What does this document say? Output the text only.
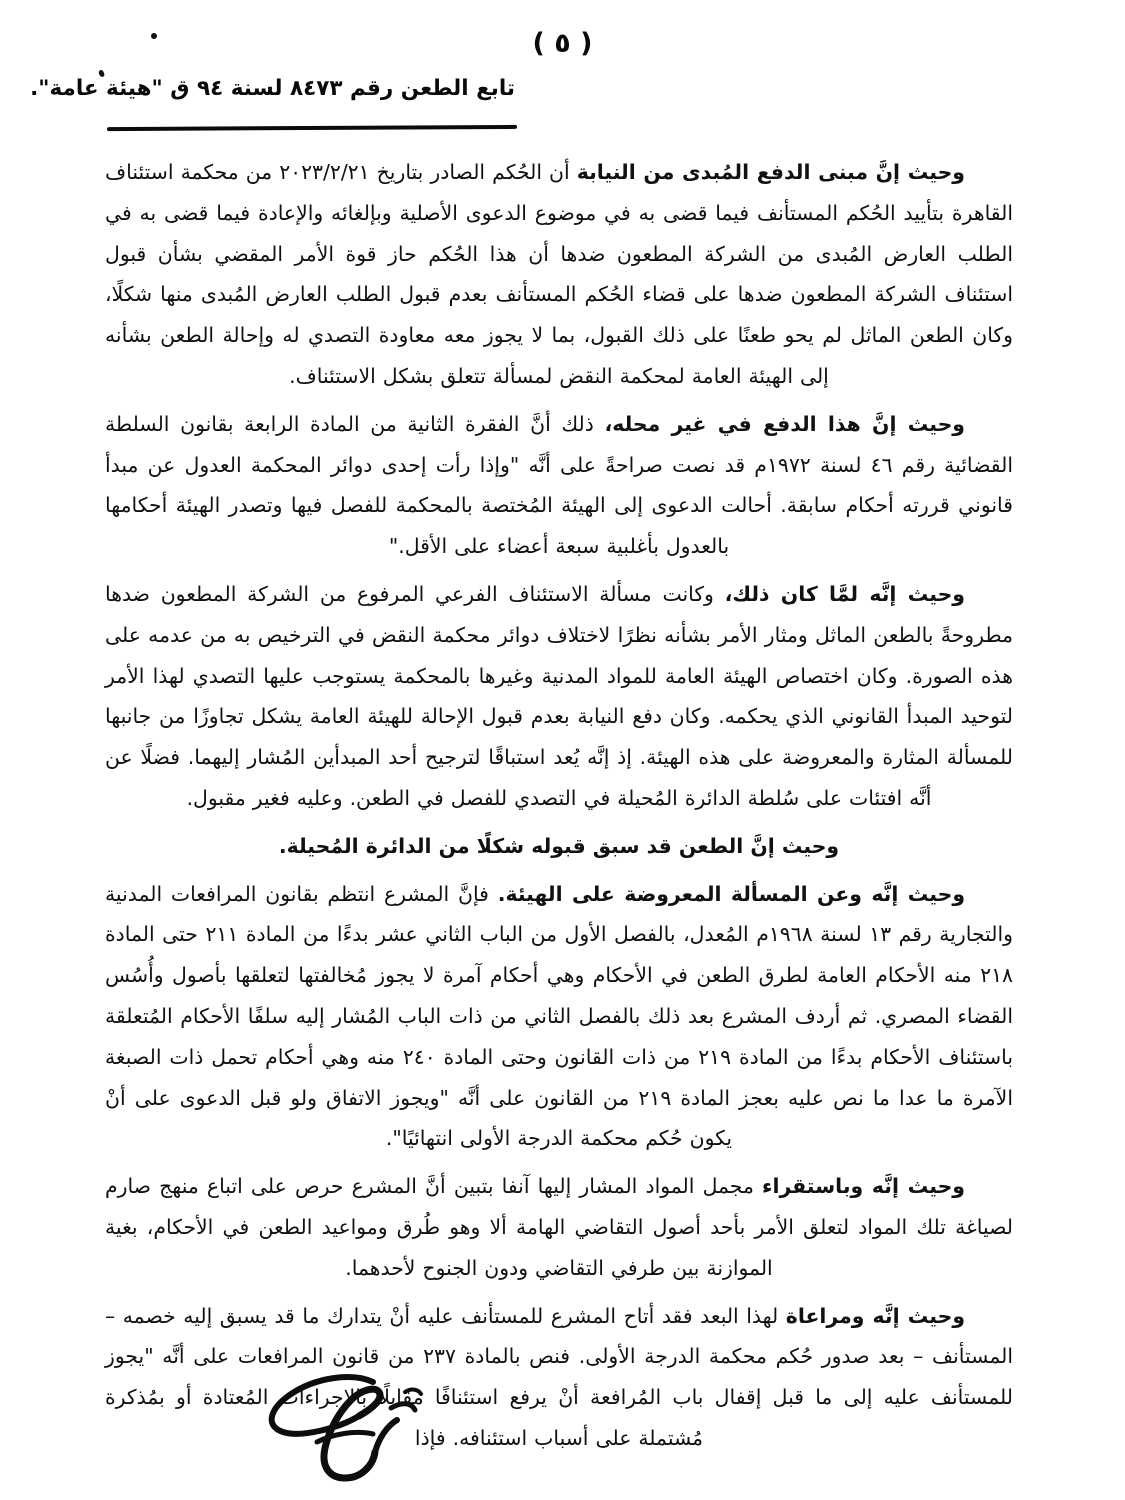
( ٥ )
تابع الطعن رقم ٨٤٧٣ لسنة ٩٤ ق "هيئة عامة".

وحيث إنَّ مبنى الدفع المُبدى من النيابة أن الحُكم الصادر بتاريخ ٢٠٢٣/٢/٢١ من محكمة استئناف القاهرة بتأييد الحُكم المستأنف فيما قضى به في موضوع الدعوى الأصلية وبإلغائه والإعادة فيما قضى به في الطلب العارض المُبدى من الشركة المطعون ضدها أن هذا الحُكم حاز قوة الأمر المقضي بشأن قبول استئناف الشركة المطعون ضدها على قضاء الحُكم المستأنف بعدم قبول الطلب العارض المُبدى منها شكلًا، وكان الطعن الماثل لم يحو طعنًا على ذلك القبول، بما لا يجوز معه معاودة التصدي له وإحالة الطعن بشأنه إلى الهيئة العامة لمحكمة النقض لمسألة تتعلق بشكل الاستئناف.

وحيث إنَّ هذا الدفع في غير محله، ذلك أنَّ الفقرة الثانية من المادة الرابعة بقانون السلطة القضائية رقم ٤٦ لسنة ١٩٧٢م قد نصت صراحةً على أنَّه "وإذا رأت إحدى دوائر المحكمة العدول عن مبدأ قانوني قررته أحكام سابقة. أحالت الدعوى إلى الهيئة المُختصة بالمحكمة للفصل فيها وتصدر الهيئة أحكامها بالعدول بأغلبية سبعة أعضاء على الأقل."

وحيث إنَّه لمَّا كان ذلك، وكانت مسألة الاستئناف الفرعي المرفوع من الشركة المطعون ضدها مطروحةً بالطعن الماثل ومثار الأمر بشأنه نظرًا لاختلاف دوائر محكمة النقض في الترخيص به من عدمه على هذه الصورة. وكان اختصاص الهيئة العامة للمواد المدنية وغيرها بالمحكمة يستوجب عليها التصدي لهذا الأمر لتوحيد المبدأ القانوني الذي يحكمه. وكان دفع النيابة بعدم قبول الإحالة للهيئة العامة يشكل تجاوزًا من جانبها للمسألة المثارة والمعروضة على هذه الهيئة. إذ إنَّه يُعد استباقًا لترجيح أحد المبدأين المُشار إليهما. فضلًا عن أنَّه افتئات على سُلطة الدائرة المُحيلة في التصدي للفصل في الطعن. وعليه فغير مقبول.

وحيث إنَّ الطعن قد سبق قبوله شكلًا من الدائرة المُحيلة.

وحيث إنَّه وعن المسألة المعروضة على الهيئة. فإنَّ المشرع انتظم بقانون المرافعات المدنية والتجارية رقم ١٣ لسنة ١٩٦٨م المُعدل، بالفصل الأول من الباب الثاني عشر بدءًا من المادة ٢١١ حتى المادة ٢١٨ منه الأحكام العامة لطرق الطعن في الأحكام وهي أحكام آمرة لا يجوز مُخالفتها لتعلقها بأصول وأُسُس القضاء المصري. ثم أردف المشرع بعد ذلك بالفصل الثاني من ذات الباب المُشار إليه سلفًا الأحكام المُتعلقة باستئناف الأحكام بدءًا من المادة ٢١٩ من ذات القانون وحتى المادة ٢٤٠ منه وهي أحكام تحمل ذات الصبغة الآمرة ما عدا ما نص عليه بعجز المادة ٢١٩ من القانون على أنَّه "ويجوز الاتفاق ولو قبل الدعوى على أنْ يكون حُكم محكمة الدرجة الأولى انتهائيًا".

وحيث إنَّه وباستقراء مجمل المواد المشار إليها آنفا بتبين أنَّ المشرع حرص على اتباع منهج صارم لصياغة تلك المواد لتعلق الأمر بأحد أصول التقاضي الهامة ألا وهو طُرق ومواعيد الطعن في الأحكام، بغية الموازنة بين طرفي التقاضي ودون الجنوح لأحدهما.

وحيث إنَّه ومراعاة لهذا البعد فقد أتاح المشرع للمستأنف عليه أنْ يتدارك ما قد يسبق إليه خصمه – المستأنف – بعد صدور حُكم محكمة الدرجة الأولى. فنص بالمادة ٢٣٧ من قانون المرافعات على أنَّه "يجوز للمستأنف عليه إلى ما قبل إقفال باب المُرافعة أنْ يرفع استئنافًا مقابلًا بالإجراءات المُعتادة أو بمُذكرة مُشتملة على أسباب استئنافه. فإذا
